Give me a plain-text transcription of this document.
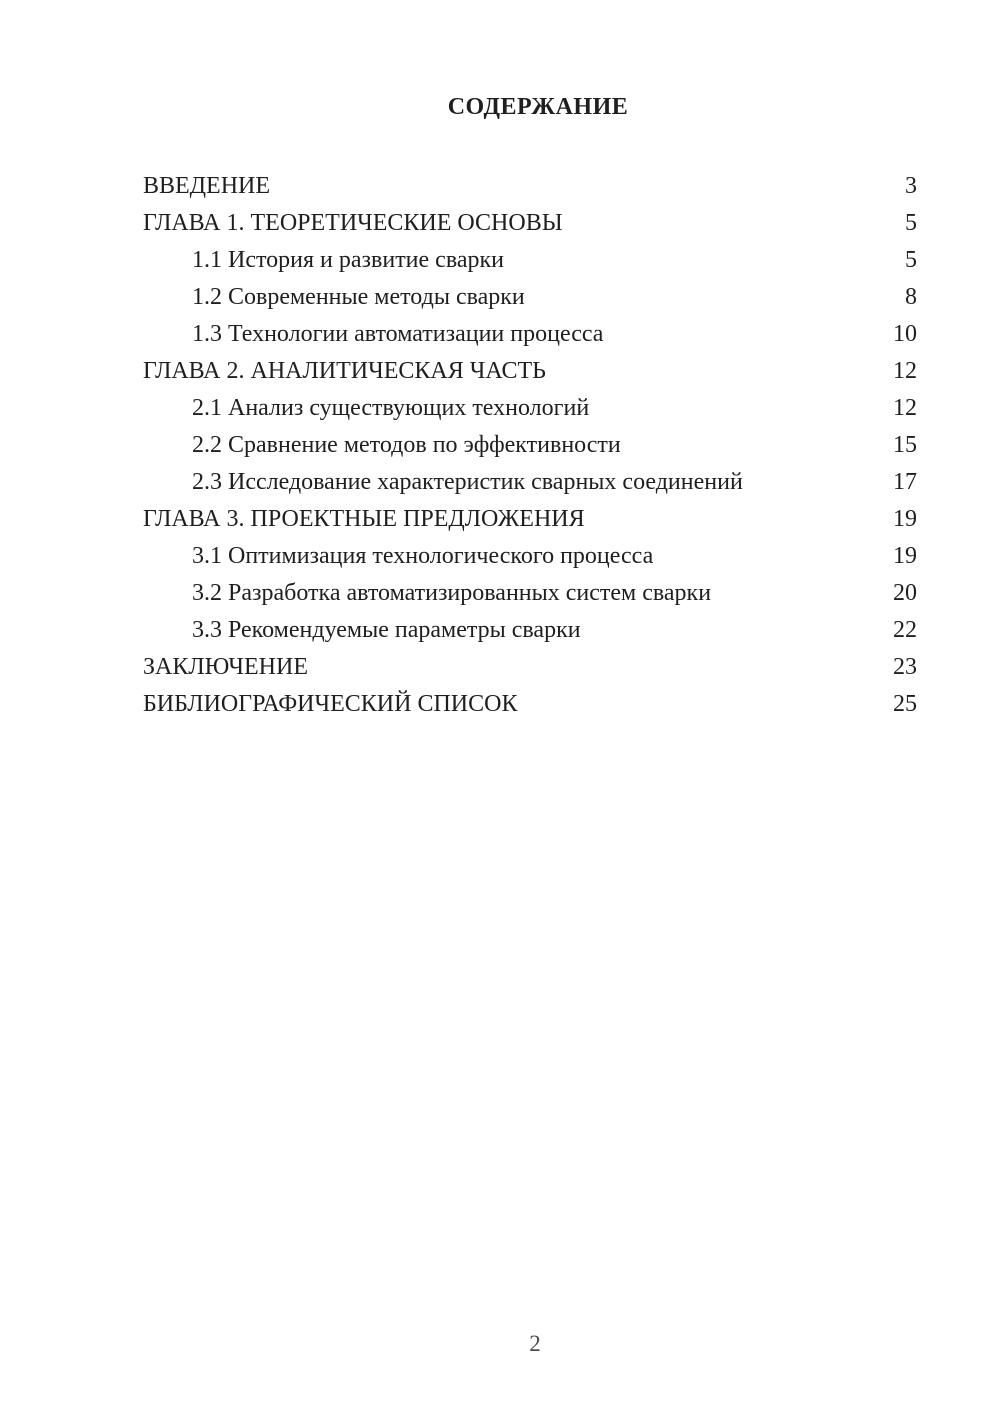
СОДЕРЖАНИЕ
ВВЕДЕНИЕ	3
ГЛАВА 1. ТЕОРЕТИЧЕСКИЕ ОСНОВЫ	5
1.1 История и развитие сварки	5
1.2 Современные методы сварки	8
1.3 Технологии автоматизации процесса	10
ГЛАВА 2. АНАЛИТИЧЕСКАЯ ЧАСТЬ	12
2.1 Анализ существующих технологий	12
2.2 Сравнение методов по эффективности	15
2.3 Исследование характеристик сварных соединений	17
ГЛАВА 3. ПРОЕКТНЫЕ ПРЕДЛОЖЕНИЯ	19
3.1 Оптимизация технологического процесса	19
3.2 Разработка автоматизированных систем сварки	20
3.3 Рекомендуемые параметры сварки	22
ЗАКЛЮЧЕНИЕ	23
БИБЛИОГРАФИЧЕСКИЙ СПИСОК	25
2
